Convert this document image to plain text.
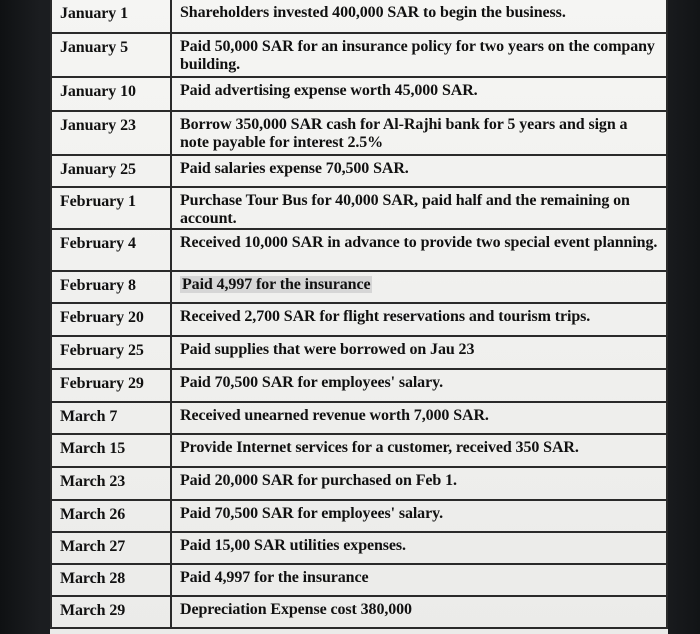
January 1	Shareholders invested 400,000 SAR to begin the business.
January 5	Paid 50,000 SAR for an insurance policy for two years on the company building.
January 10	Paid advertising expense worth 45,000 SAR.
January 23	Borrow 350,000 SAR cash for Al-Rajhi bank for 5 years and sign a note payable for interest 2.5%
January 25	Paid salaries expense 70,500 SAR.
February 1	Purchase Tour Bus for 40,000 SAR, paid half and the remaining on account.
February 4	Received 10,000 SAR in advance to provide two special event planning.
February 8	Paid 4,997 for the insurance
February 20	Received 2,700 SAR for flight reservations and tourism trips.
February 25	Paid supplies that were borrowed on Jau 23
February 29	Paid 70,500 SAR for employees' salary.
March 7	Received unearned revenue worth 7,000 SAR.
March 15	Provide Internet services for a customer, received 350 SAR.
March 23	Paid 20,000 SAR for purchased on Feb 1.
March 26	Paid 70,500 SAR for employees' salary.
March 27	Paid 15,00 SAR utilities expenses.
March 28	Paid 4,997 for the insurance
March 29	Depreciation Expense cost 380,000
